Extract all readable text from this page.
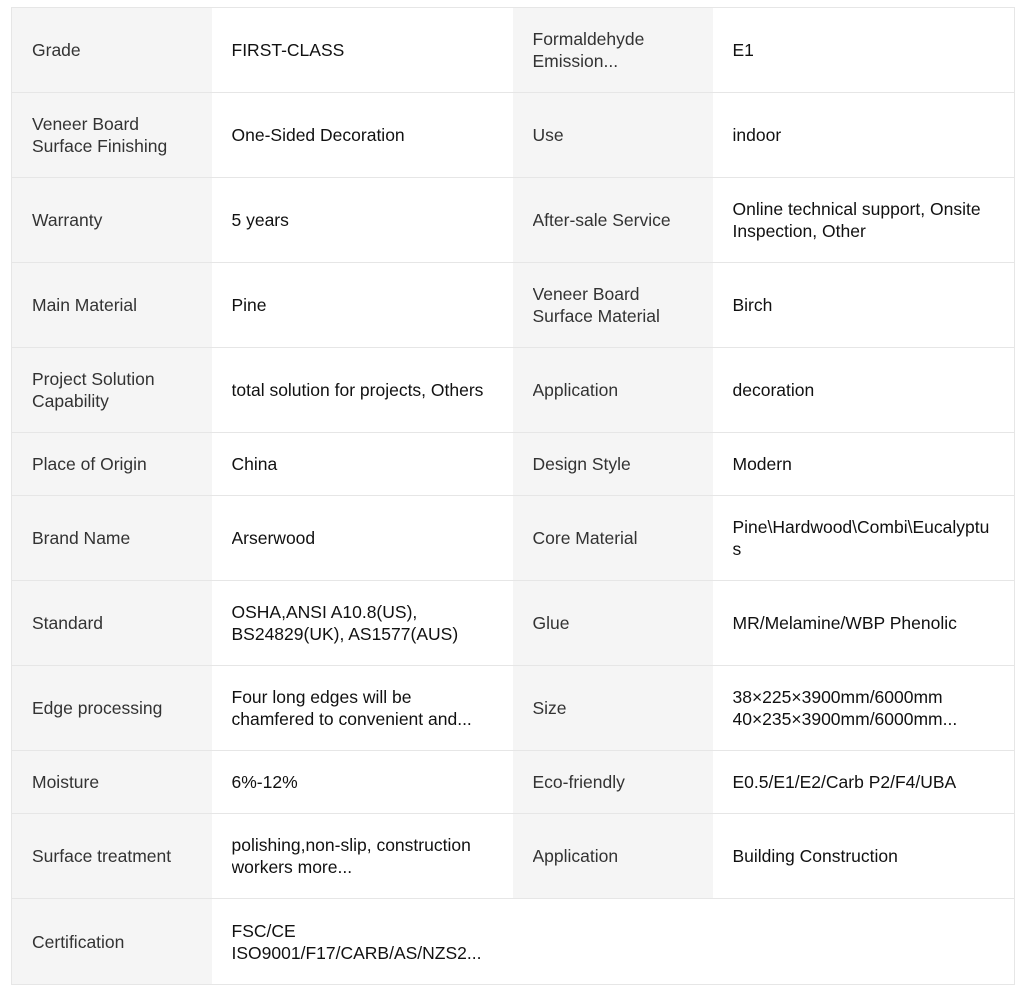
Grade	FIRST-CLASS	Formaldehyde Emission...	E1

Veneer Board Surface Finishing	One-Sided Decoration	Use	indoor

Warranty	5 years	After-sale Service	Online technical support, Onsite Inspection, Other

Main Material	Pine	Veneer Board Surface Material	Birch

Project Solution Capability	total solution for projects, Others	Application	decoration

Place of Origin	China	Design Style	Modern

Brand Name	Arserwood	Core Material	Pine\Hardwood\Combi\Eucalyptus

Standard	OSHA,ANSI A10.8(US), BS24829(UK), AS1577(AUS)	Glue	MR/Melamine/WBP Phenolic

Edge processing	Four long edges will be chamfered to convenient and...	Size	38×225×3900mm/6000mm 40×235×3900mm/6000mm...

Moisture	6%-12%	Eco-friendly	E0.5/E1/E2/Carb P2/F4/UBA

Surface treatment	polishing,non-slip, construction workers more...	Application	Building Construction

Certification	FSC/CE ISO9001/F17/CARB/AS/NZS2...		
